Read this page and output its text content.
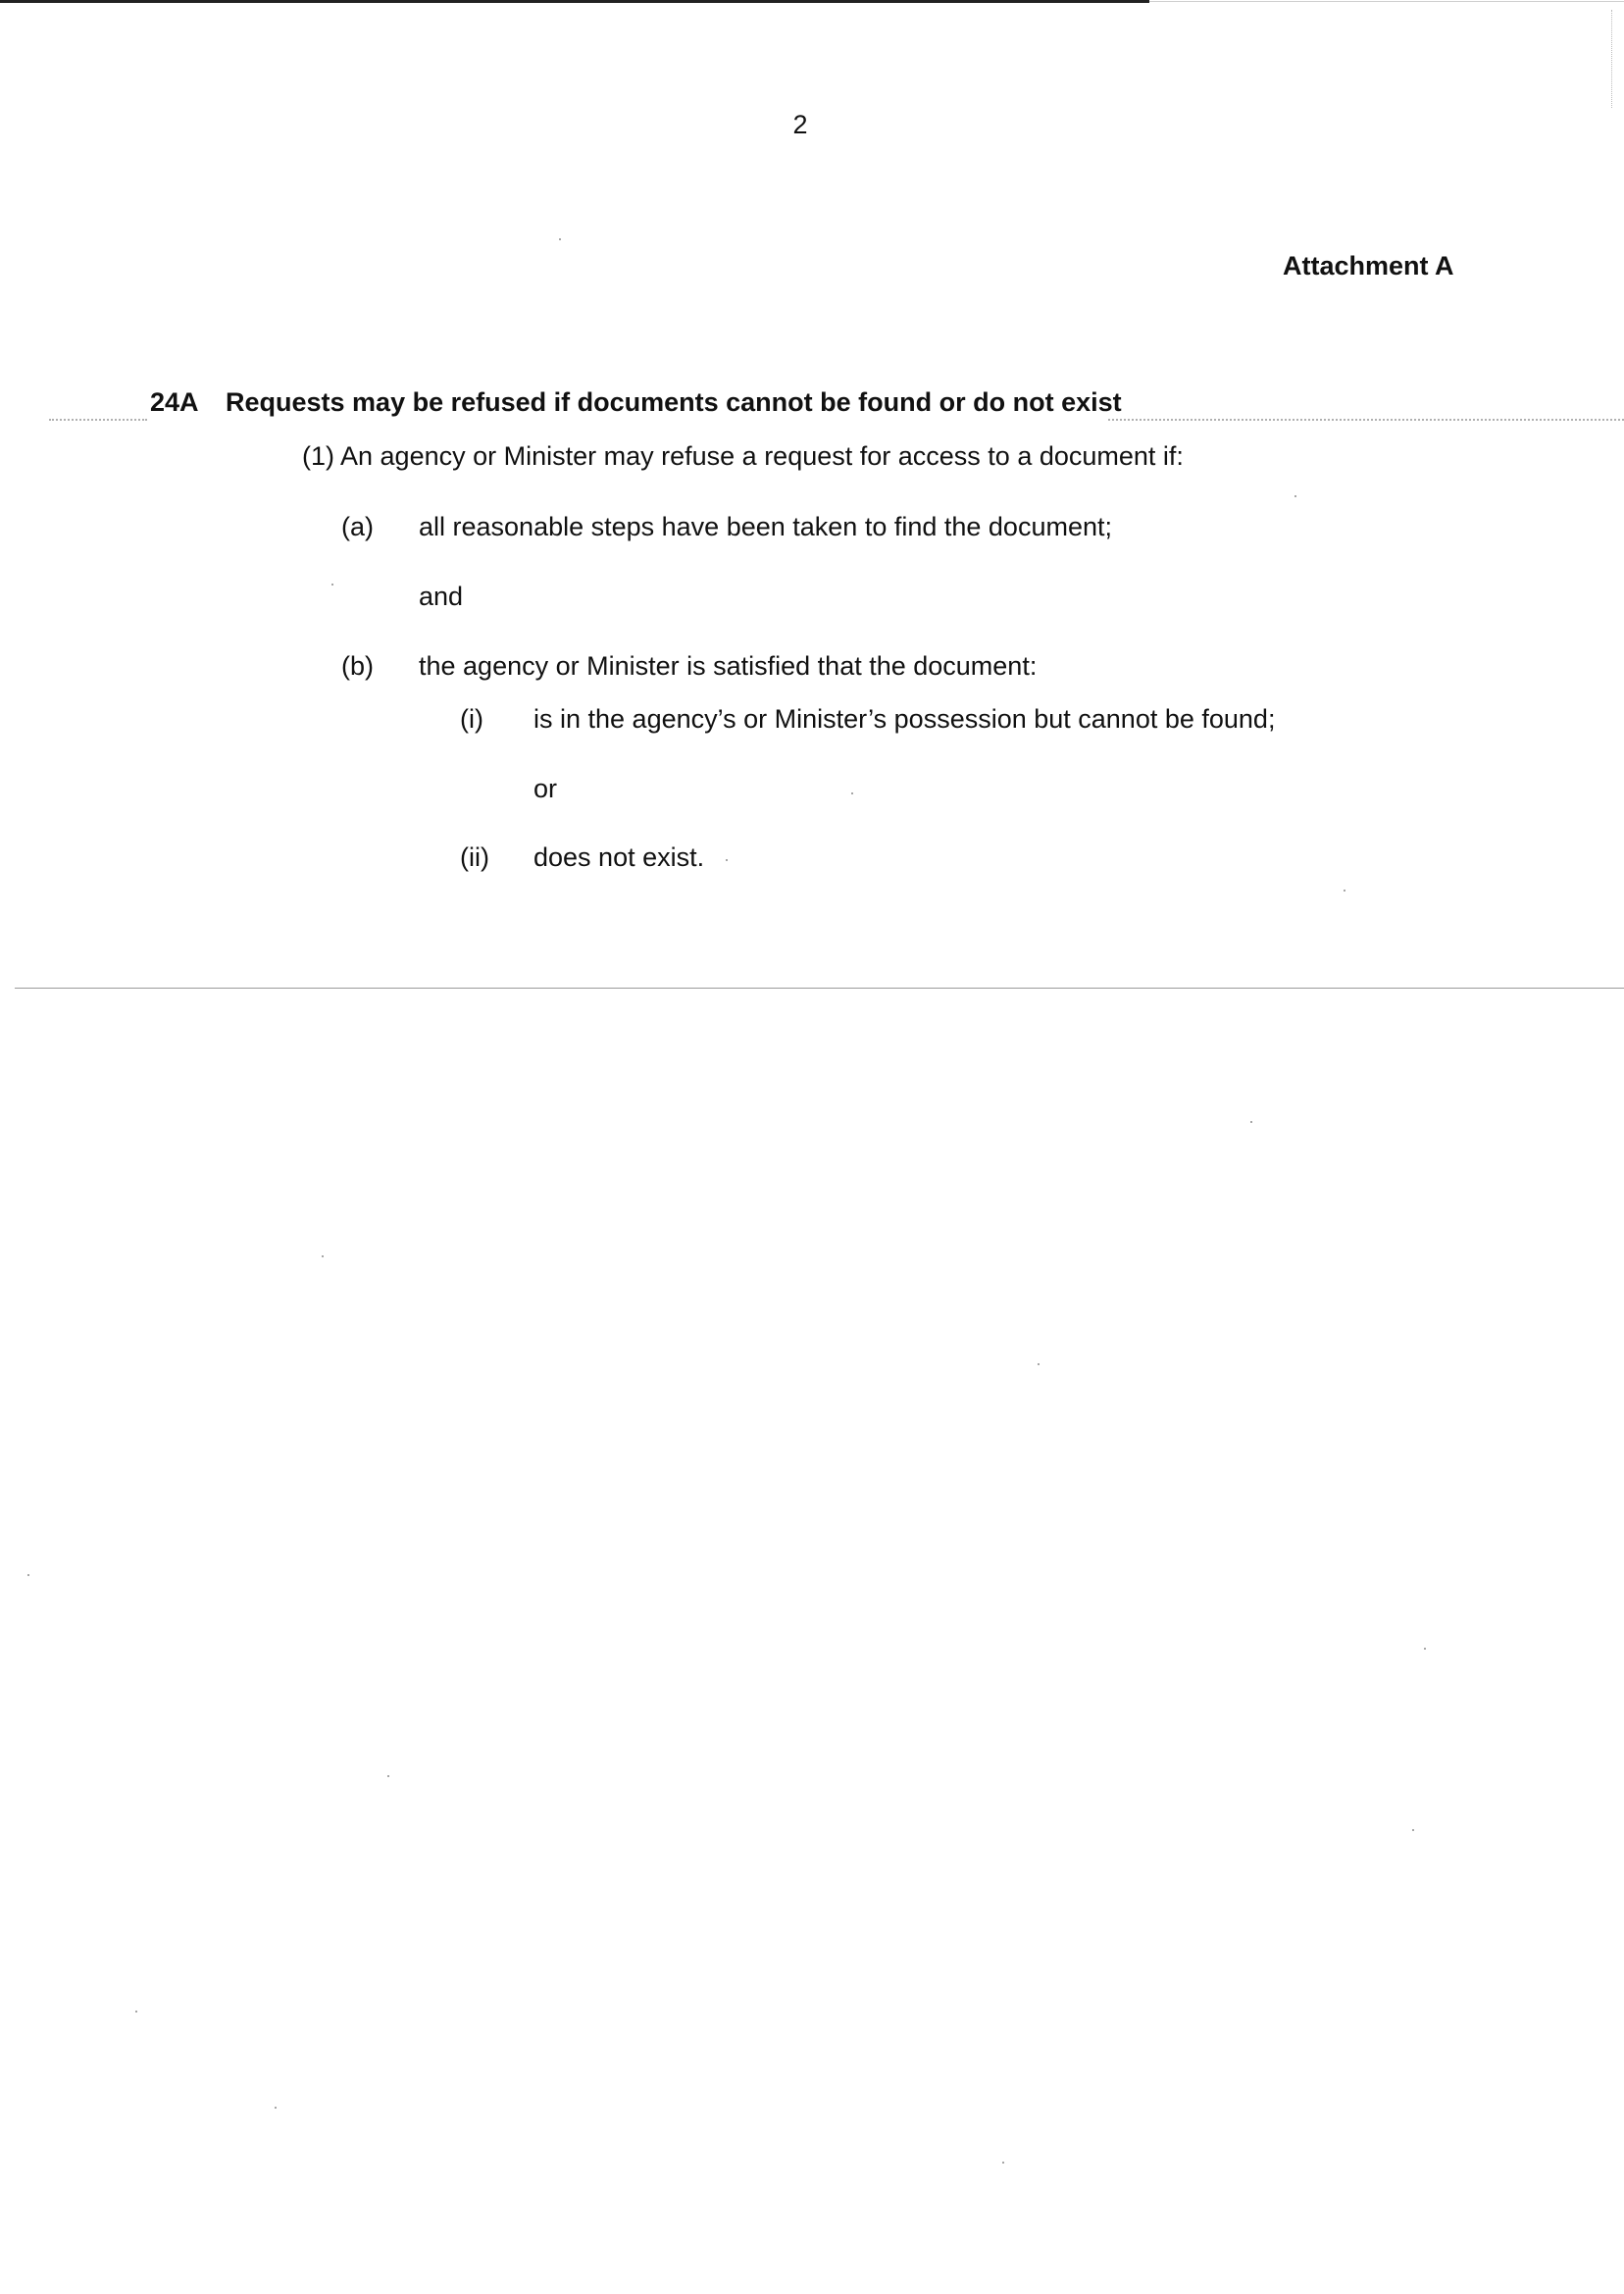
2
Attachment A
24A Requests may be refused if documents cannot be found or do not exist
(1) An agency or Minister may refuse a request for access to a document if:
(a) all reasonable steps have been taken to find the document;
and
(b) the agency or Minister is satisfied that the document:
(i) is in the agency’s or Minister’s possession but cannot be found;
or
(ii) does not exist.
